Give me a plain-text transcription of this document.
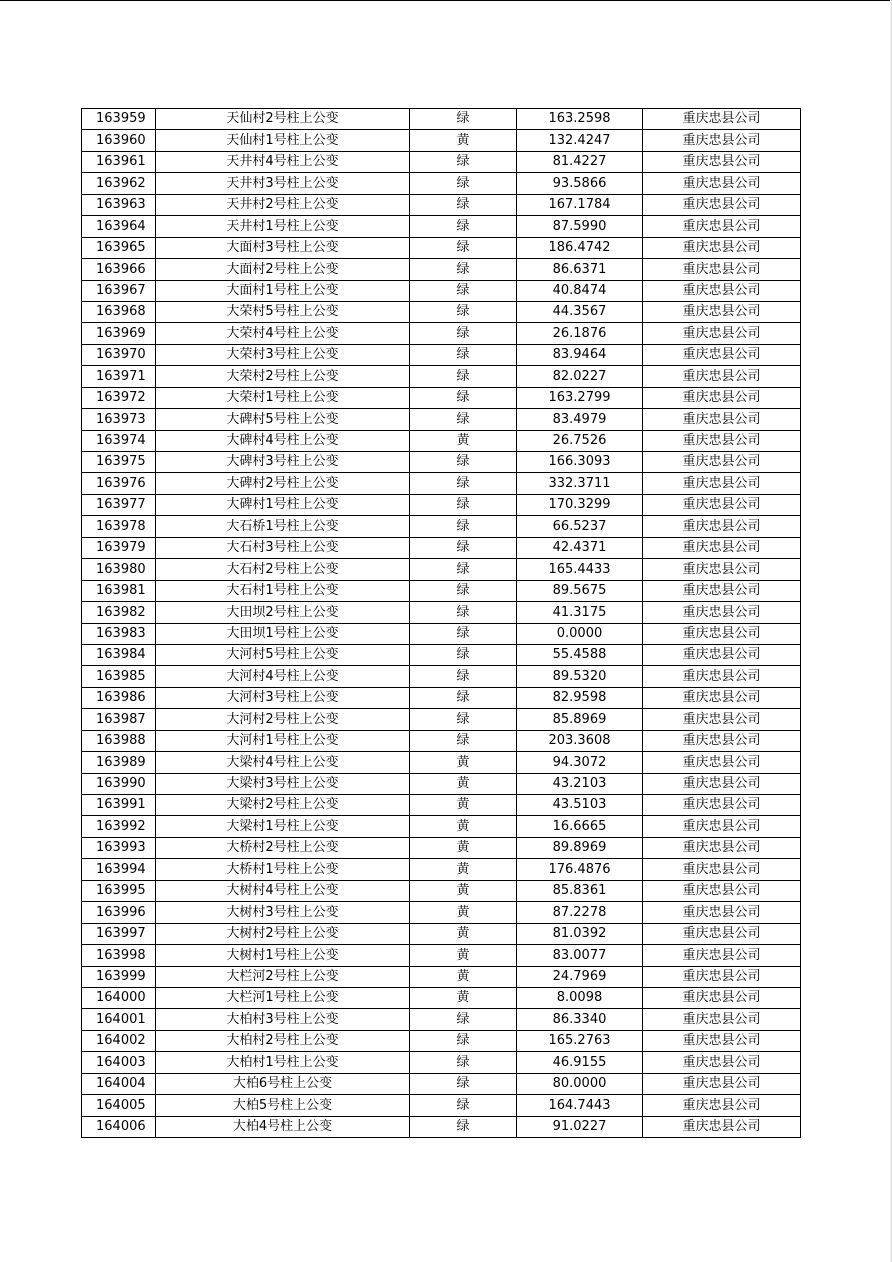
163959	天仙村2号柱上公变	绿	163.2598	重庆忠县公司
163960	天仙村1号柱上公变	黄	132.4247	重庆忠县公司
163961	天井村4号柱上公变	绿	81.4227	重庆忠县公司
163962	天井村3号柱上公变	绿	93.5866	重庆忠县公司
163963	天井村2号柱上公变	绿	167.1784	重庆忠县公司
163964	天井村1号柱上公变	绿	87.5990	重庆忠县公司
163965	大面村3号柱上公变	绿	186.4742	重庆忠县公司
163966	大面村2号柱上公变	绿	86.6371	重庆忠县公司
163967	大面村1号柱上公变	绿	40.8474	重庆忠县公司
163968	大荣村5号柱上公变	绿	44.3567	重庆忠县公司
163969	大荣村4号柱上公变	绿	26.1876	重庆忠县公司
163970	大荣村3号柱上公变	绿	83.9464	重庆忠县公司
163971	大荣村2号柱上公变	绿	82.0227	重庆忠县公司
163972	大荣村1号柱上公变	绿	163.2799	重庆忠县公司
163973	大碑村5号柱上公变	绿	83.4979	重庆忠县公司
163974	大碑村4号柱上公变	黄	26.7526	重庆忠县公司
163975	大碑村3号柱上公变	绿	166.3093	重庆忠县公司
163976	大碑村2号柱上公变	绿	332.3711	重庆忠县公司
163977	大碑村1号柱上公变	绿	170.3299	重庆忠县公司
163978	大石桥1号柱上公变	绿	66.5237	重庆忠县公司
163979	大石村3号柱上公变	绿	42.4371	重庆忠县公司
163980	大石村2号柱上公变	绿	165.4433	重庆忠县公司
163981	大石村1号柱上公变	绿	89.5675	重庆忠县公司
163982	大田坝2号柱上公变	绿	41.3175	重庆忠县公司
163983	大田坝1号柱上公变	绿	0.0000	重庆忠县公司
163984	大河村5号柱上公变	绿	55.4588	重庆忠县公司
163985	大河村4号柱上公变	绿	89.5320	重庆忠县公司
163986	大河村3号柱上公变	绿	82.9598	重庆忠县公司
163987	大河村2号柱上公变	绿	85.8969	重庆忠县公司
163988	大河村1号柱上公变	绿	203.3608	重庆忠县公司
163989	大梁村4号柱上公变	黄	94.3072	重庆忠县公司
163990	大梁村3号柱上公变	黄	43.2103	重庆忠县公司
163991	大梁村2号柱上公变	黄	43.5103	重庆忠县公司
163992	大梁村1号柱上公变	黄	16.6665	重庆忠县公司
163993	大桥村2号柱上公变	黄	89.8969	重庆忠县公司
163994	大桥村1号柱上公变	黄	176.4876	重庆忠县公司
163995	大树村4号柱上公变	黄	85.8361	重庆忠县公司
163996	大树村3号柱上公变	黄	87.2278	重庆忠县公司
163997	大树村2号柱上公变	黄	81.0392	重庆忠县公司
163998	大树村1号柱上公变	黄	83.0077	重庆忠县公司
163999	大栏河2号柱上公变	黄	24.7969	重庆忠县公司
164000	大栏河1号柱上公变	黄	8.0098	重庆忠县公司
164001	大柏村3号柱上公变	绿	86.3340	重庆忠县公司
164002	大柏村2号柱上公变	绿	165.2763	重庆忠县公司
164003	大柏村1号柱上公变	绿	46.9155	重庆忠县公司
164004	大柏6号柱上公变	绿	80.0000	重庆忠县公司
164005	大柏5号柱上公变	绿	164.7443	重庆忠县公司
164006	大柏4号柱上公变	绿	91.0227	重庆忠县公司
